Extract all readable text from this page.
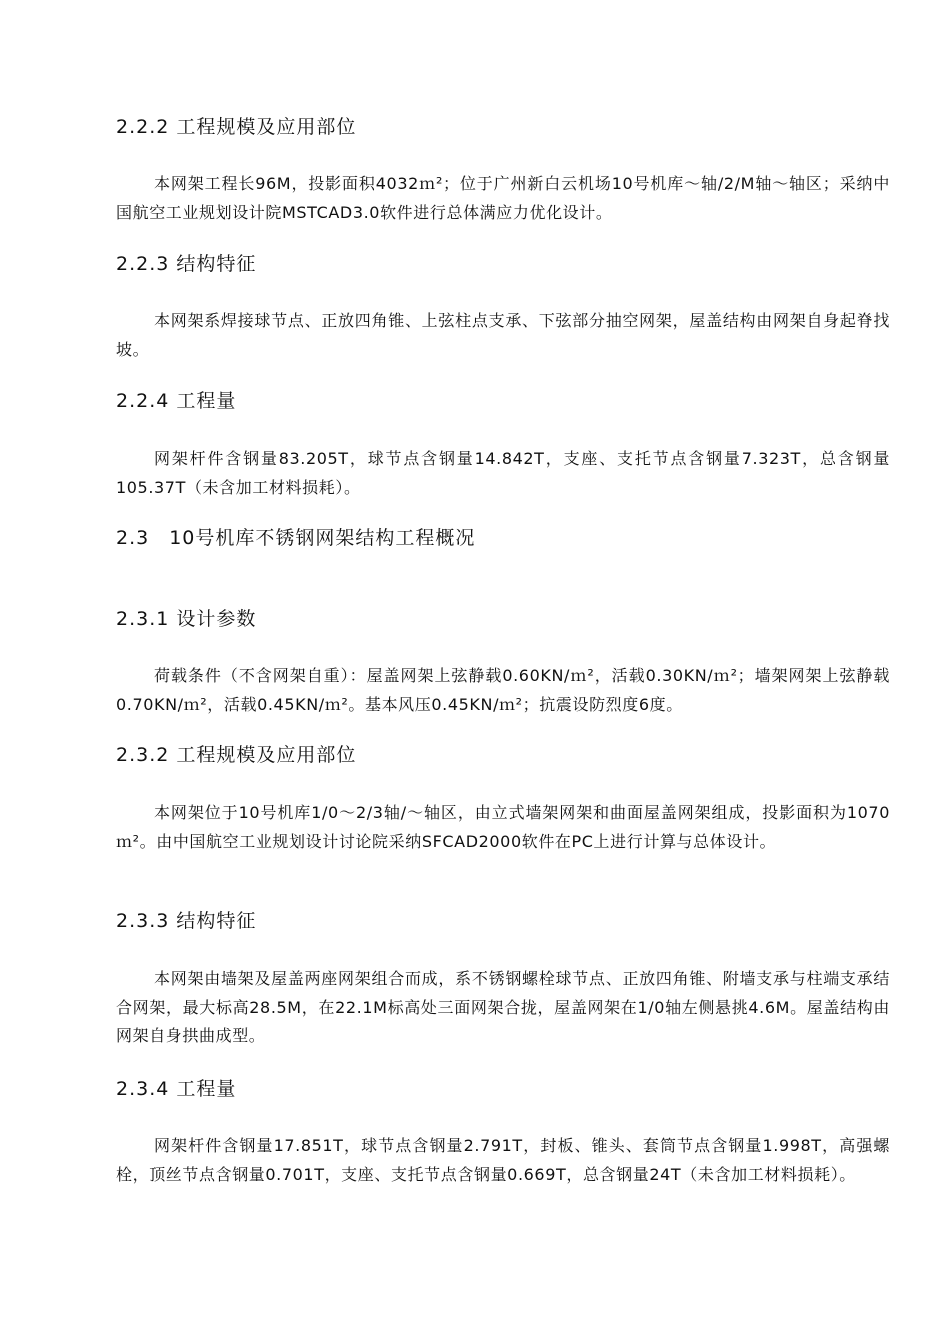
2.2.2 工程规模及应用部位

本网架工程长96M，投影面积4032ｍ²；位于广州新白云机场10号机库～轴/2/M轴～轴区；采纳中国航空工业规划设计院MSTCAD3.0软件进行总体满应力优化设计。

2.2.3 结构特征

本网架系焊接球节点、正放四角锥、上弦柱点支承、下弦部分抽空网架，屋盖结构由网架自身起脊找坡。

2.2.4 工程量

网架杆件含钢量83.205T，球节点含钢量14.842T，支座、支托节点含钢量7.323T，总含钢量105.37T（未含加工材料损耗）。

2.3　10号机库不锈钢网架结构工程概况
2.3.1 设计参数

荷载条件（不含网架自重）：屋盖网架上弦静载0.60KN/ｍ²，活载0.30KN/ｍ²；墙架网架上弦静载0.70KN/ｍ²，活载0.45KN/ｍ²。基本风压0.45KN/ｍ²；抗震设防烈度6度。

2.3.2 工程规模及应用部位

本网架位于10号机库1/0～2/3轴/～轴区，由立式墙架网架和曲面屋盖网架组成，投影面积为1070ｍ²。由中国航空工业规划设计讨论院采纳SFCAD2000软件在PC上进行计算与总体设计。

2.3.3 结构特征

本网架由墙架及屋盖两座网架组合而成，系不锈钢螺栓球节点、正放四角锥、附墙支承与柱端支承结合网架，最大标高28.5M，在22.1M标高处三面网架合拢，屋盖网架在1/0轴左侧悬挑4.6M。屋盖结构由网架自身拱曲成型。

2.3.4 工程量

网架杆件含钢量17.851T，球节点含钢量2.791T，封板、锥头、套筒节点含钢量1.998T，高强螺栓，顶丝节点含钢量0.701T，支座、支托节点含钢量0.669T，总含钢量24T（未含加工材料损耗）。
